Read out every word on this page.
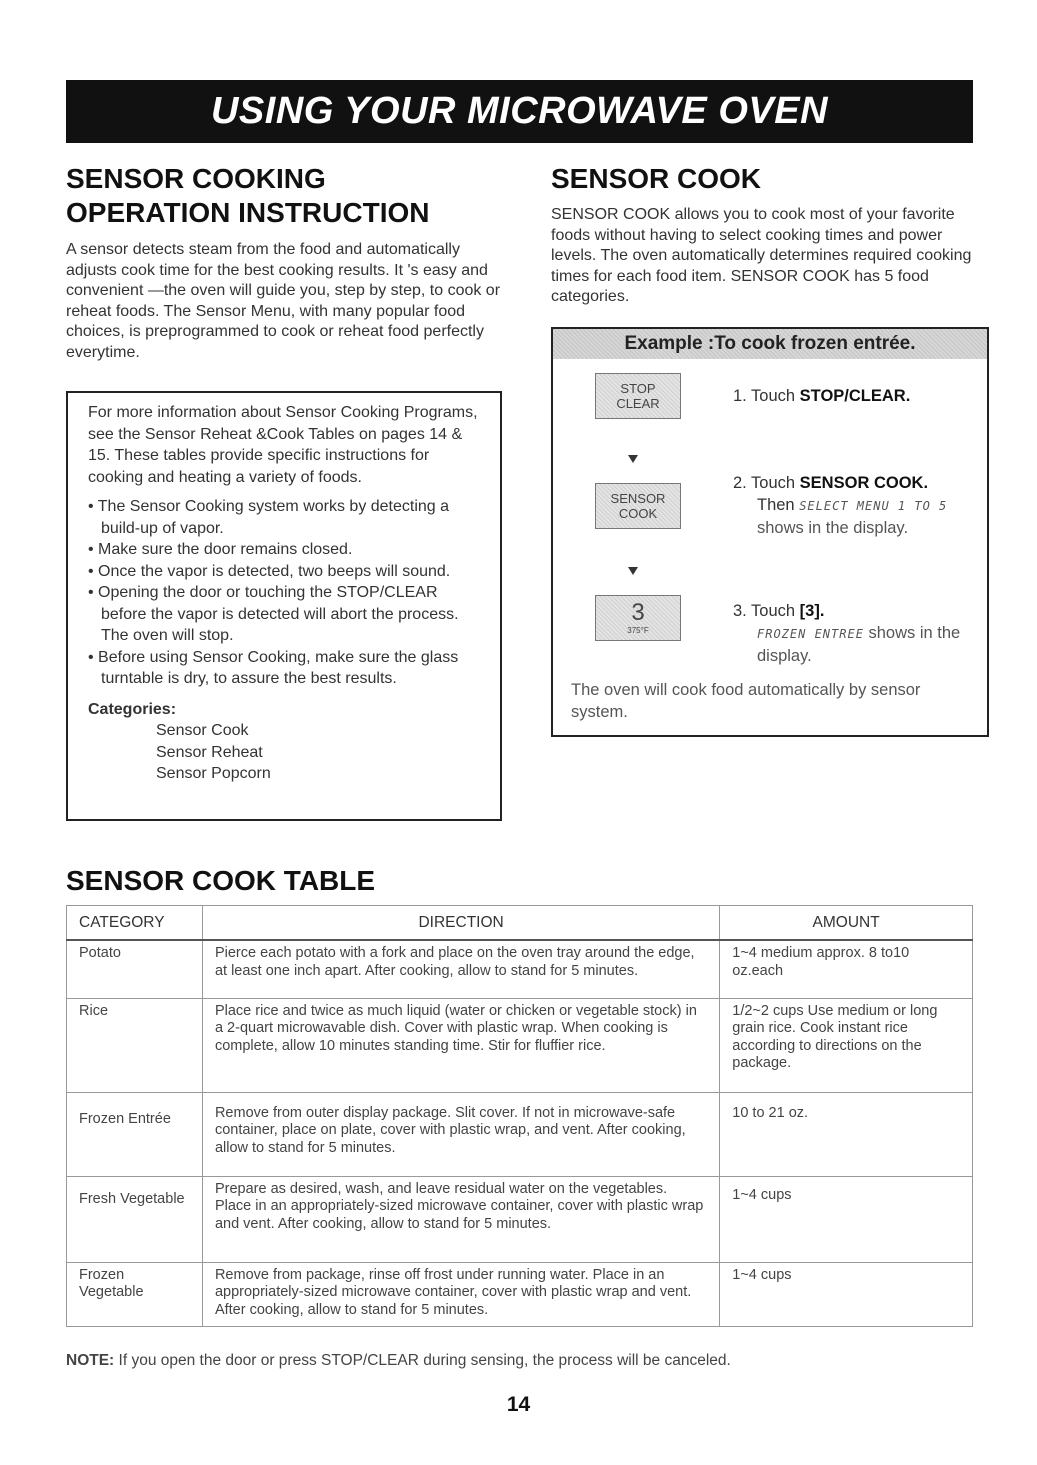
USING YOUR MICROWAVE OVEN
SENSOR COOKING
OPERATION INSTRUCTION

A sensor detects steam from the food and automatically adjusts cook time for the best cooking results. It 's easy and convenient —the oven will guide you, step by step, to cook or reheat foods. The Sensor Menu, with many popular food choices, is preprogrammed to cook or reheat food perfectly everytime.

For more information about Sensor Cooking Programs, see the Sensor Reheat &Cook Tables on pages 14 & 15. These tables provide specific instructions for cooking and heating a variety of foods.

• The Sensor Cooking system works by detecting a build-up of vapor.
• Make sure the door remains closed.
• Once the vapor is detected, two beeps will sound.
• Opening the door or touching the STOP/CLEAR before the vapor is detected will abort the process. The oven will stop.
• Before using Sensor Cooking, make sure the glass turntable is dry, to assure the best results.
Categories:
Sensor Cook
Sensor Reheat
Sensor Popcorn
SENSOR COOK

SENSOR COOK allows you to cook most of your favorite foods without having to select cooking times and power levels. The oven automatically determines required cooking times for each food item. SENSOR COOK has 5 food categories.

Example :To cook frozen entrée.
STOP
CLEAR
SENSOR
COOK
3
375°F
1. Touch STOP/CLEAR.
2. Touch SENSOR COOK.
Then SELECT MENU 1 TO 5
shows in the display.
3. Touch [3].
FROZEN ENTREE shows in the display.
The oven will cook food automatically by sensor system.
SENSOR COOK TABLE
CATEGORY	DIRECTION	AMOUNT
Potato	Pierce each potato with a fork and place on the oven tray around the edge, at least one inch apart. After cooking, allow to stand for 5 minutes.	1~4 medium approx. 8 to10 oz.each
Rice	Place rice and twice as much liquid (water or chicken or vegetable stock) in a 2-quart microwavable dish. Cover with plastic wrap. When cooking is complete, allow 10 minutes standing time. Stir for fluffier rice.	1/2~2 cups Use medium or long grain rice. Cook instant rice according to directions on the package.
Frozen Entrée	Remove from outer display package. Slit cover. If not in microwave-safe container, place on plate, cover with plastic wrap, and vent. After cooking, allow to stand for 5 minutes.	10 to 21 oz.
Fresh Vegetable	Prepare as desired, wash, and leave residual water on the vegetables. Place in an appropriately-sized microwave container, cover with plastic wrap and vent. After cooking, allow to stand for 5 minutes.	1~4 cups
Frozen Vegetable	Remove from package, rinse off frost under running water. Place in an appropriately-sized microwave container, cover with plastic wrap and vent. After cooking, allow to stand for 5 minutes.	1~4 cups
NOTE: If you open the door or press STOP/CLEAR during sensing, the process will be canceled.
14
